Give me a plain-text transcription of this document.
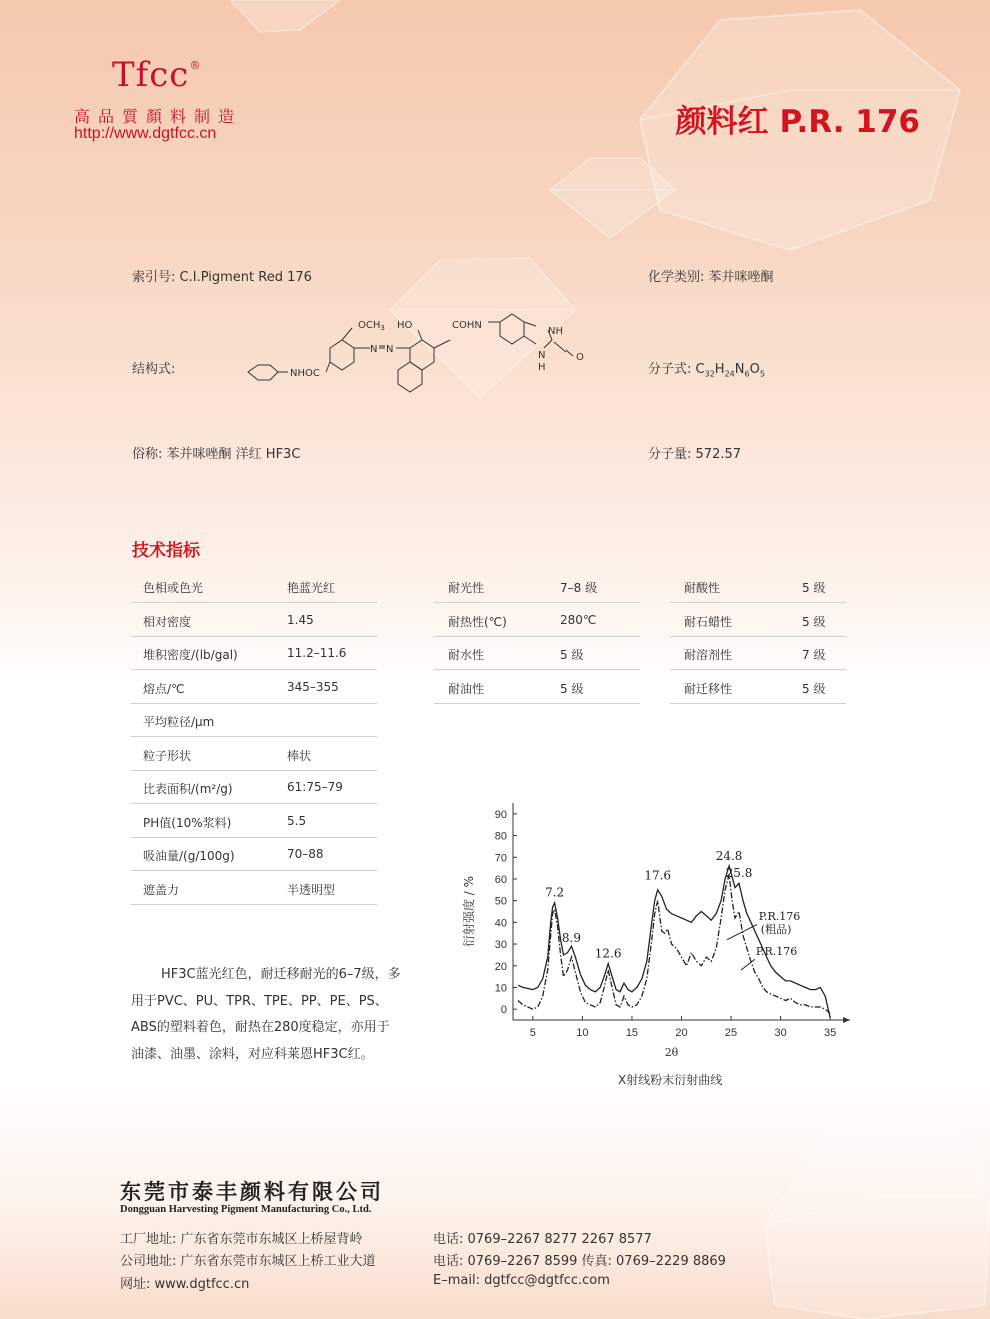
Tfcc®
高品質顏料制造
http://www.dgtfcc.cn	颜料红 P.R. 176
索引号: C.I.Pigment Red 176
结构式:
俗称: 苯并咪唑酮 洋红 HF3C
化学类别: 苯并咪唑酮
分子式: $C_{32}H_{24}N_6O_5$
分子量: 572.57
NHOC
$OCH_3$ HO
N N
COHN
NH
N
H
O
技术指标
色相或色光	艳蓝光红
相对密度	1.45
堆积密度/(lb/gal)	11.2–11.6
熔点/℃	345–355
平均粒径/μm
粒子形状	棒状
比表面积/(m²/g)	61:75–79
PH值(10%浆料)	5.5
吸油量/(g/100g)	70–88
遮盖力	半透明型
耐光性	7–8 级
耐热性(℃)	280℃
耐水性	5 级
耐油性	5 级
耐酸性	5 级
耐石蜡性	5 级
耐溶剂性	7 级
耐迁移性	5 级
HF3C蓝光红色，耐迁移耐光的6–7级，多用于PVC、PU、TPR、TPE、PP、PE、PS、ABS的塑料着色，耐热在280度稳定，亦用于油漆、油墨、涂料，对应科莱恩HF3C红。
5	10	15	20	25	30	35
0
10
20
30
40
50
60
70
80
90
2θ
衍射强度 / %	7.2
8.9
12.6
17.6
24.8
25.8
P.R.176
(粗品)
P.R.176
X射线粉末衍射曲线
东莞市泰丰颜料有限公司
Dongguan Harvesting Pigment Manufacturing Co., Ltd.
工厂地址: 广东省东莞市东城区上桥屋背岭
公司地址: 广东省东莞市东城区上桥工业大道
网址: www.dgtfcc.cn
电话: 0769–2267 8277 2267 8577
电话: 0769–2267 8599 传真: 0769–2229 8869
E–mail: dgtfcc@dgtfcc.com
